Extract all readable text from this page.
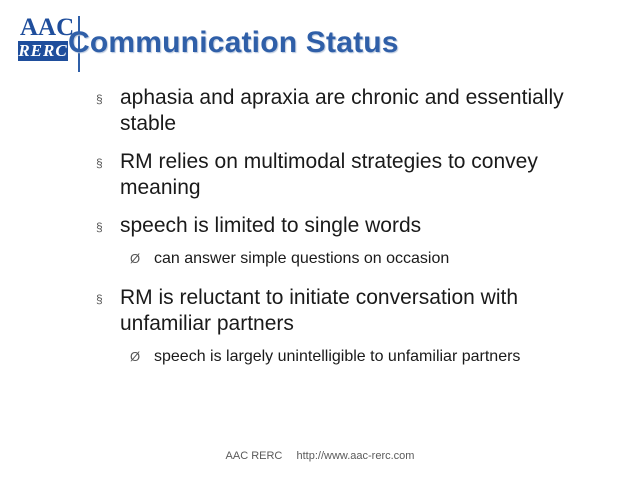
AAC
RERC Communication Status
§ aphasia and apraxia are chronic and essentially stable
§ RM relies on multimodal strategies to convey meaning
§ speech is limited to single words
Ø can answer simple questions on occasion
§ RM is reluctant to initiate conversation with unfamiliar partners
Ø speech is largely unintelligible to unfamiliar partners
AAC RERC http://www.aac-rerc.com
